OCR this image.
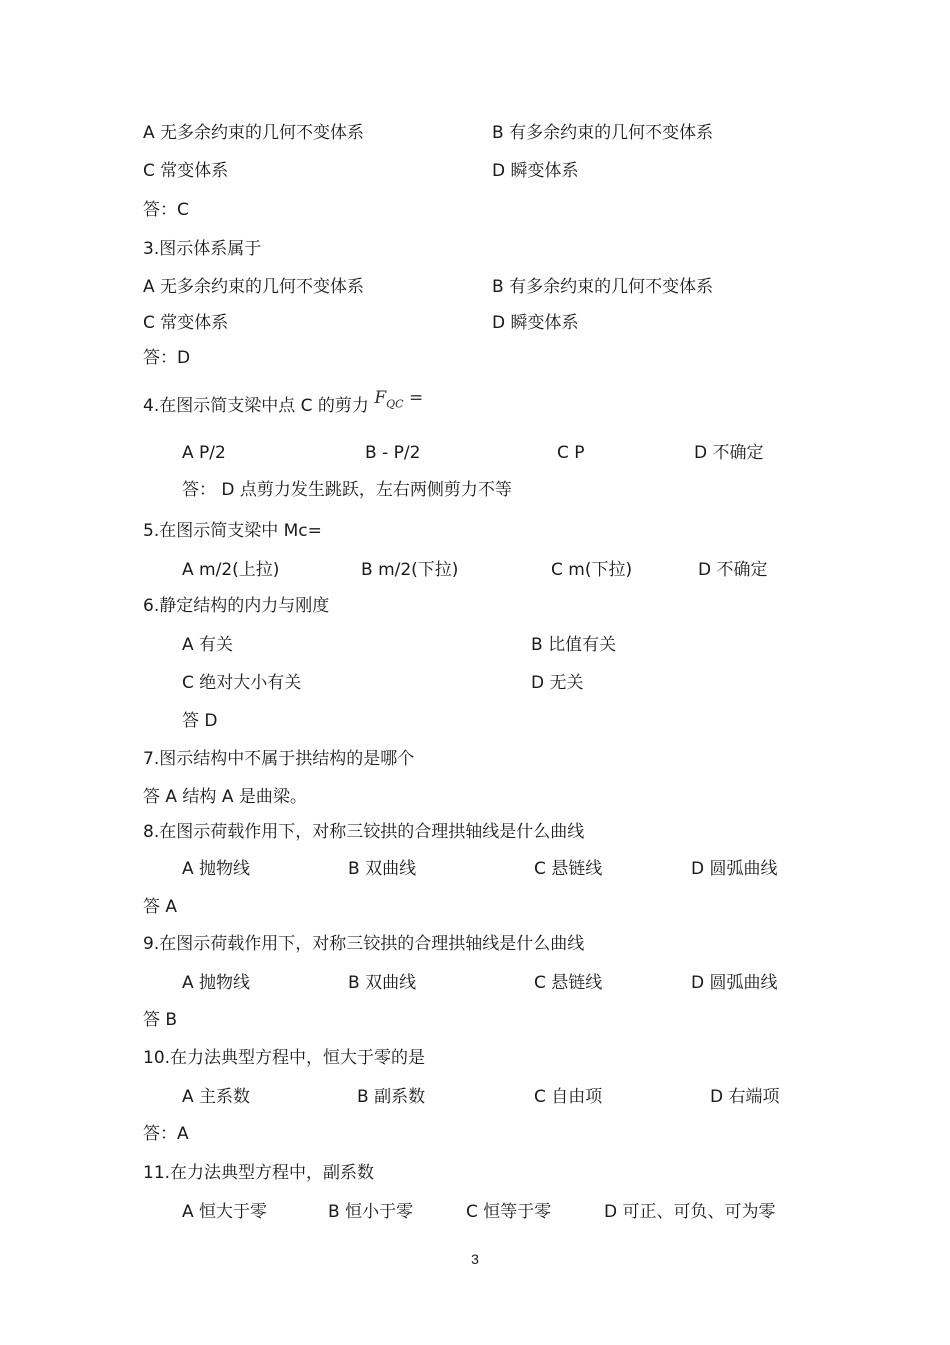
A 无多余约束的几何不变体系	B 有多余约束的几何不变体系
C 常变体系	D 瞬变体系
答：C
3.图示体系属于
A 无多余约束的几何不变体系	B 有多余约束的几何不变体系
C 常变体系	D 瞬变体系
答：D
4.在图示简支梁中点 C 的剪力 $F_{QC}$ =
A P/2	B - P/2	C P	D 不确定
答： D 点剪力发生跳跃，左右两侧剪力不等
5.在图示简支梁中 Mc=
A m/2(上拉)	B m/2(下拉)	C m(下拉)	D 不确定
6.静定结构的内力与刚度
A 有关	B 比值有关
C 绝对大小有关	D 无关
答 D
7.图示结构中不属于拱结构的是哪个
答 A 结构 A 是曲梁。
8.在图示荷载作用下，对称三铰拱的合理拱轴线是什么曲线
A 抛物线	B 双曲线	C 悬链线	D 圆弧曲线
答 A
9.在图示荷载作用下，对称三铰拱的合理拱轴线是什么曲线
A 抛物线	B 双曲线	C 悬链线	D 圆弧曲线
答 B
10.在力法典型方程中，恒大于零的是
A 主系数	B 副系数	C 自由项	D 右端项
答：A
11.在力法典型方程中，副系数
A 恒大于零	B 恒小于零	C 恒等于零	D 可正、可负、可为零
3
